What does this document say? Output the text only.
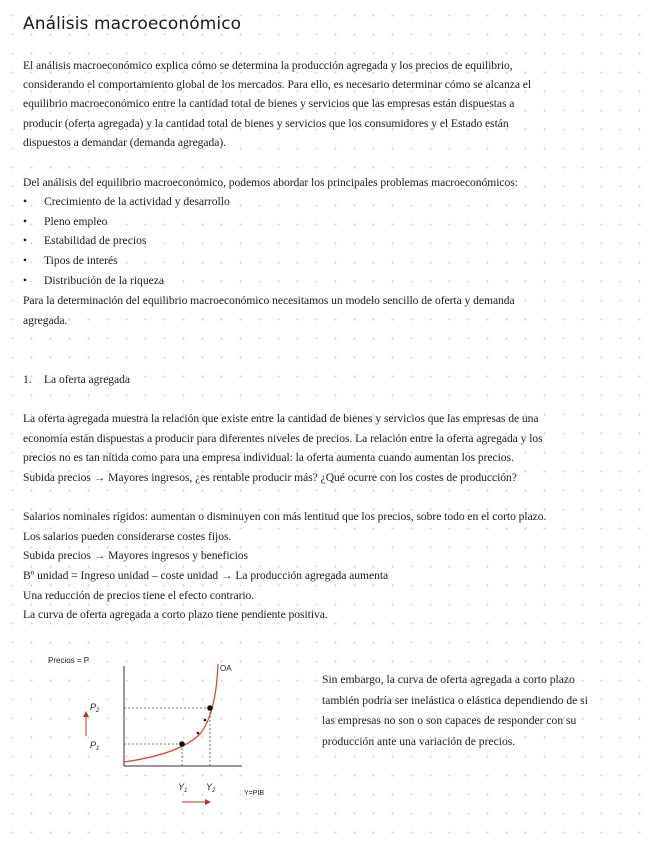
Análisis macroeconómico
El análisis macroeconómico explica cómo se determina la producción agregada y los precios de equilibrio,
considerando el comportamiento global de los mercados. Para ello, es necesario determinar cómo se alcanza el
equilibrio macroeconómico entre la cantidad total de bienes y servicios que las empresas están dispuestas a
producir (oferta agregada) y la cantidad total de bienes y servicios que los consumidores y el Estado están
dispuestos a demandar (demanda agregada).
Del análisis del equilibrio macroeconómico, podemos abordar los principales problemas macroeconómicos:
• Crecimiento de la actividad y desarrollo
• Pleno empleo
• Estabilidad de precios
• Tipos de interés
• Distribución de la riqueza
Para la determinación del equilibrio macroeconómico necesitamos un modelo sencillo de oferta y demanda
agregada.
1. La oferta agregada
La oferta agregada muestra la relación que existe entre la cantidad de bienes y servicios que las empresas de una
economía están dispuestas a producir para diferentes niveles de precios. La relación entre la oferta agregada y los
precios no es tan nítida como para una empresa individual: la oferta aumenta cuando aumentan los precios.
Subida precios → Mayores ingresos, ¿es rentable producir más? ¿Qué ocurre con los costes de producción?
Salarios nominales rígidos: aumentan o disminuyen con más lentitud que los precios, sobre todo en el corto plazo.
Los salarios pueden considerarse costes fijos.
Subida precios → Mayores ingresos y beneficios
Bº unidad = Ingreso unidad – coste unidad → La producción agregada aumenta
Una reducción de precios tiene el efecto contrario.
La curva de oferta agregada a corto plazo tiene pendiente positiva.
Precios = P
OA
$P_2$
$P_1$
$Y_1$ $Y_2$	Y=PIB
Sin embargo, la curva de oferta agregada a corto plazo
también podría ser inelástica o elástica dependiendo de si
las empresas no son o son capaces de responder con su
producción ante una variación de precios.
